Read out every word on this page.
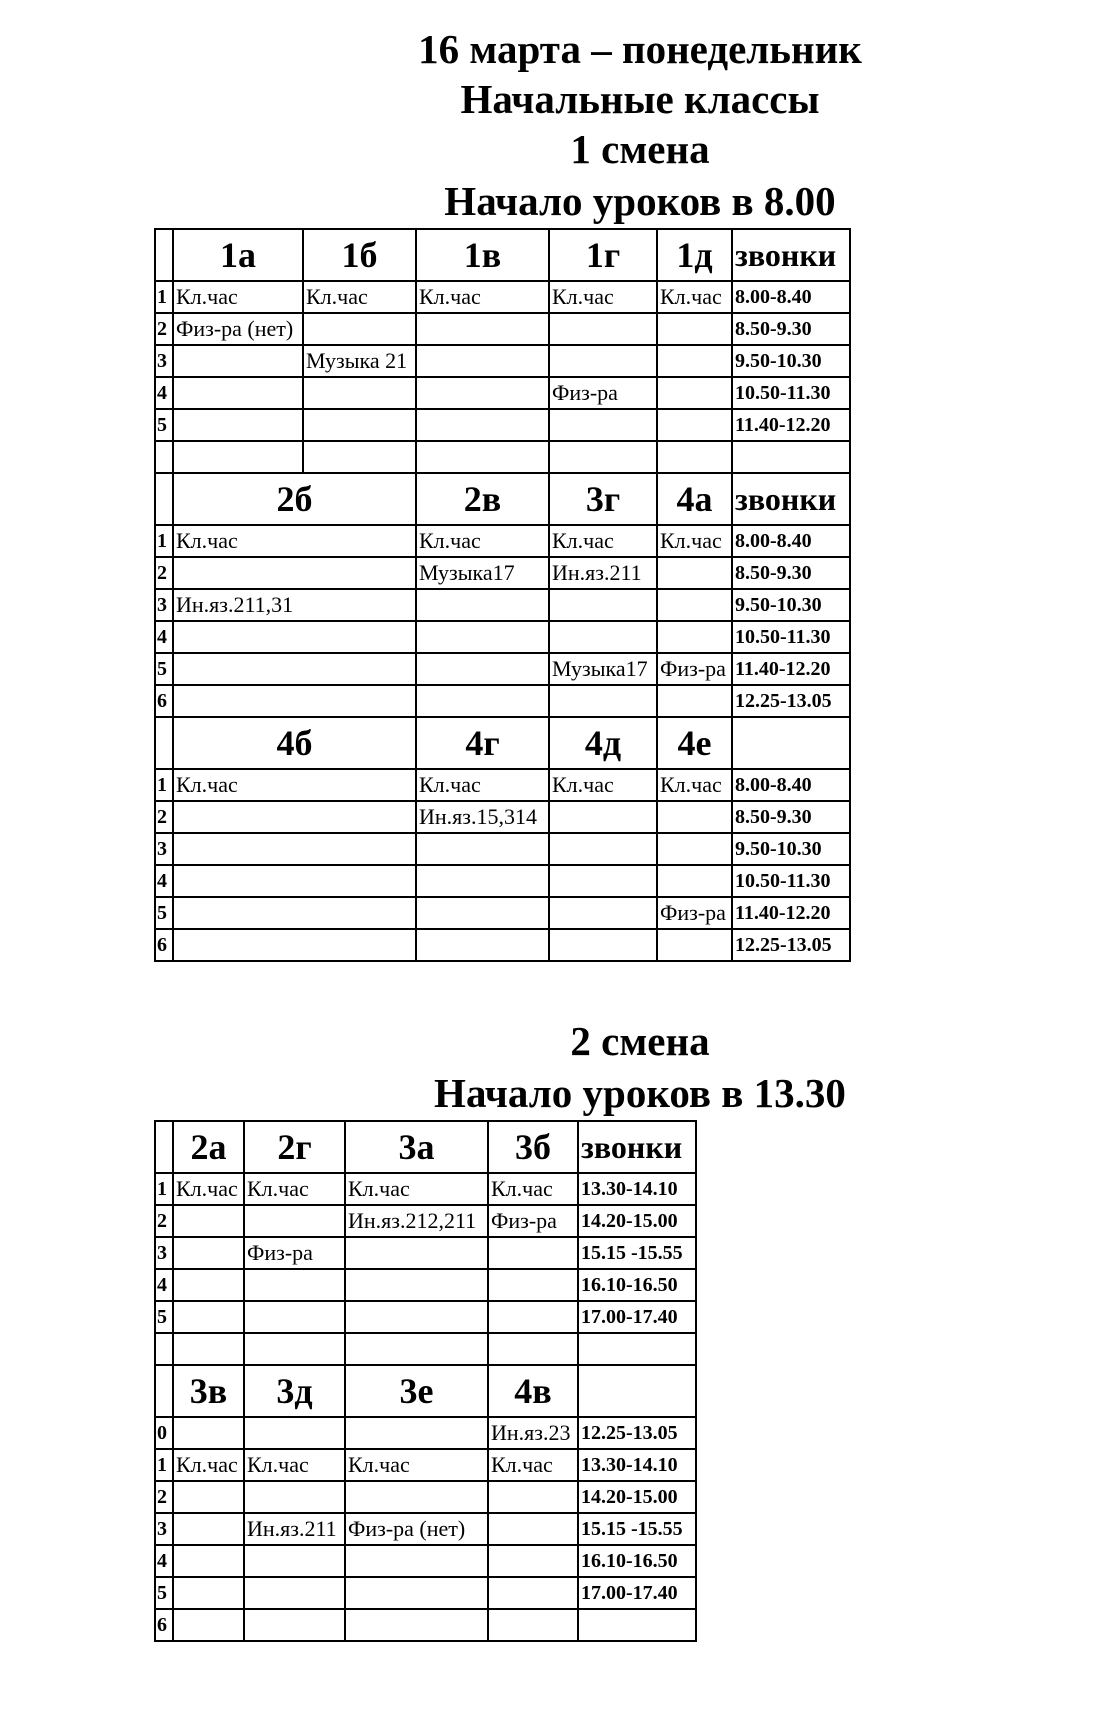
16 марта – понедельник
Начальные классы
1 смена
Начало уроков в 8.00
	1а	1б	1в	1г	1д	звонки
1	Кл.час	Кл.час	Кл.час	Кл.час	Кл.час	8.00-8.40
2	Физ-ра (нет)					8.50-9.30
3		Музыка 21				9.50-10.30
4				Физ-ра		10.50-11.30
5						11.40-12.20

	2б		2в	3г	4а	звонки
1	Кл.час		Кл.час	Кл.час	Кл.час	8.00-8.40
2			Музыка17	Ин.яз.211		8.50-9.30
3	Ин.яз.211,31					9.50-10.30
4						10.50-11.30
5				Музыка17	Физ-ра	11.40-12.20
6						12.25-13.05
	4б		4г	4д	4е	
1	Кл.час		Кл.час	Кл.час	Кл.час	8.00-8.40
2			Ин.яз.15,314			8.50-9.30
3						9.50-10.30
4						10.50-11.30
5					Физ-ра	11.40-12.20
6						12.25-13.05
2 смена
Начало уроков в 13.30
	2а	2г	3а	3б	звонки
1	Кл.час	Кл.час	Кл.час	Кл.час	13.30-14.10
2			Ин.яз.212,211	Физ-ра	14.20-15.00
3		Физ-ра			15.15 -15.55
4					16.10-16.50
5					17.00-17.40

	3в	3д	3е	4в	
0				Ин.яз.23	12.25-13.05
1	Кл.час	Кл.час	Кл.час	Кл.час	13.30-14.10
2					14.20-15.00
3		Ин.яз.211	Физ-ра (нет)		15.15 -15.55
4					16.10-16.50
5					17.00-17.40
6					
